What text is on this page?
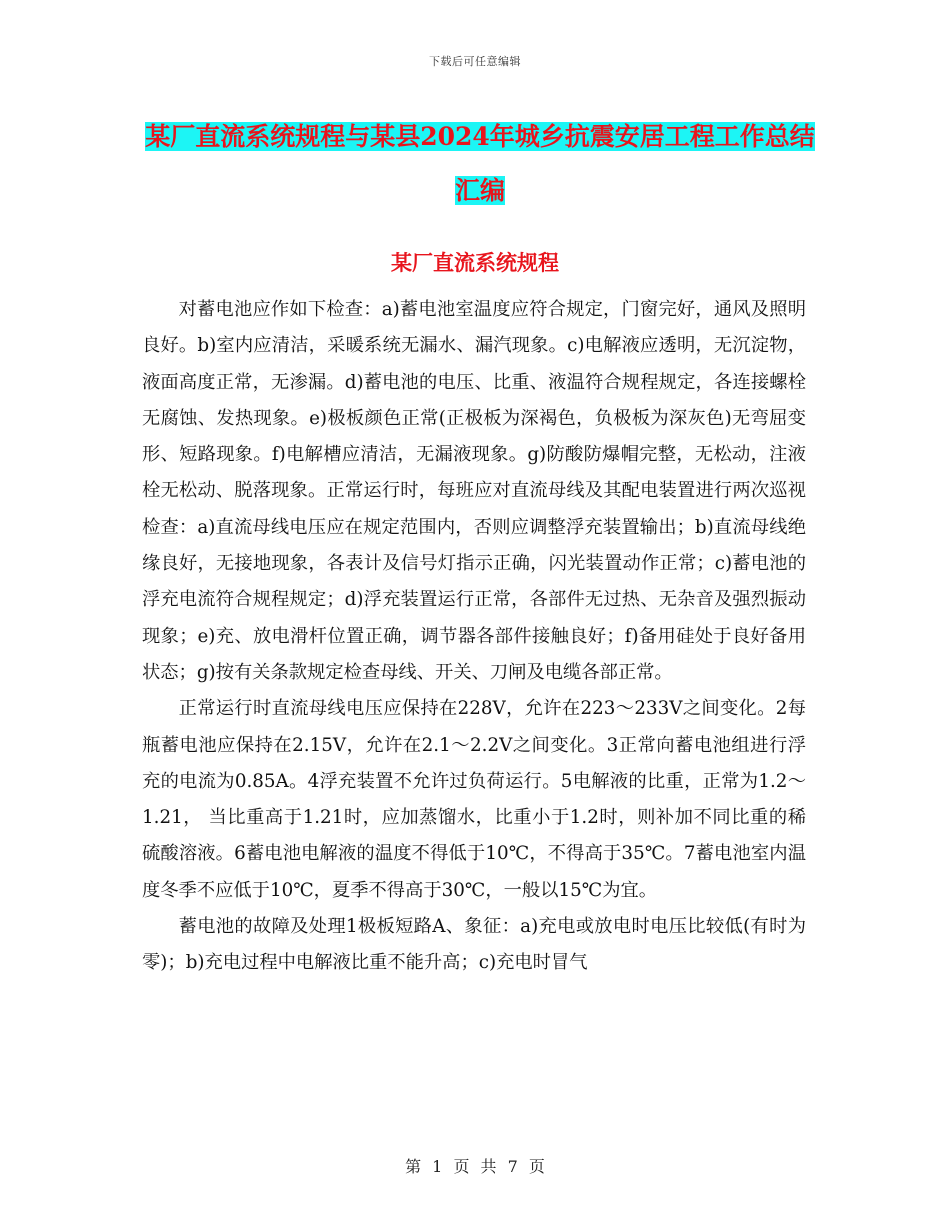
下载后可任意编辑
某厂直流系统规程与某县2024年城乡抗震安居工程工作总结汇编
某厂直流系统规程

对蓄电池应作如下检查：a)蓄电池室温度应符合规定，门窗完好，通风及照明良好。b)室内应清洁，采暖系统无漏水、漏汽现象。c)电解液应透明，无沉淀物，液面高度正常，无渗漏。d)蓄电池的电压、比重、液温符合规程规定，各连接螺栓无腐蚀、发热现象。e)极板颜色正常(正极板为深褐色，负极板为深灰色)无弯屈变形、短路现象。f)电解槽应清洁，无漏液现象。g)防酸防爆帽完整，无松动，注液栓无松动、脱落现象。正常运行时，每班应对直流母线及其配电装置进行两次巡视检查：a)直流母线电压应在规定范围内，否则应调整浮充装置输出；b)直流母线绝缘良好，无接地现象，各表计及信号灯指示正确，闪光装置动作正常；c)蓄电池的浮充电流符合规程规定；d)浮充装置运行正常，各部件无过热、无杂音及强烈振动现象；e)充、放电滑杆位置正确，调节器各部件接触良好；f)备用硅处于良好备用状态；g)按有关条款规定检查母线、开关、刀闸及电缆各部正常。

正常运行时直流母线电压应保持在228V，允许在223～233V之间变化。2每瓶蓄电池应保持在2.15V，允许在2.1～2.2V之间变化。3正常向蓄电池组进行浮充的电流为0.85A。4浮充装置不允许过负荷运行。5电解液的比重，正常为1.2～1.21， 当比重高于1.21时，应加蒸馏水，比重小于1.2时，则补加不同比重的稀硫酸溶液。6蓄电池电解液的温度不得低于10℃，不得高于35℃。7蓄电池室内温度冬季不应低于10℃，夏季不得高于30℃，一般以15℃为宜。

蓄电池的故障及处理1极板短路A、象征：a)充电或放电时电压比较低(有时为零)；b)充电过程中电解液比重不能升高；c)充电时冒气

第 1 页 共 7 页
